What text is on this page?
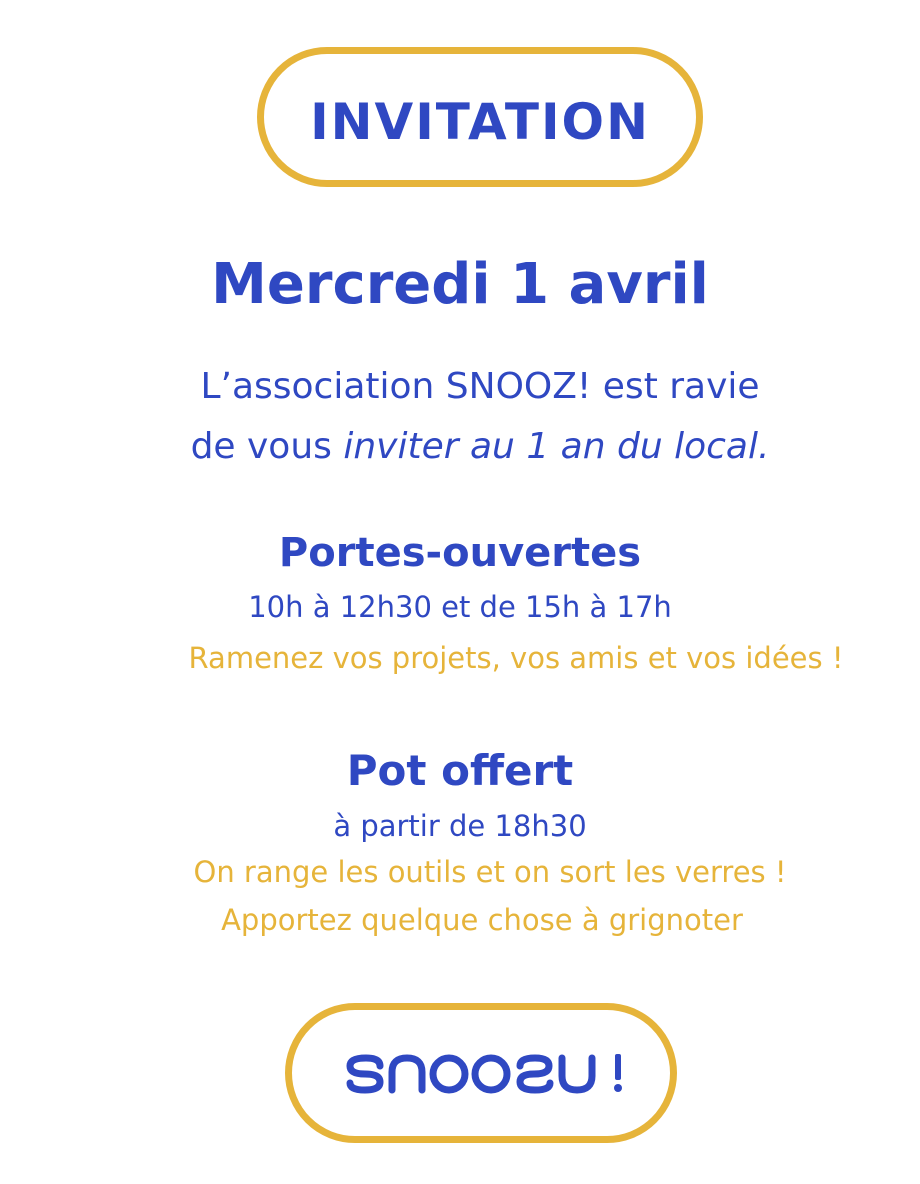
INVITATION
Mercredi 1 avril
L’association SNOOZ! est ravie
de vous inviter au 1 an du local.
Portes-ouvertes
10h à 12h30 et de 15h à 17h
Ramenez vos projets, vos amis et vos idées !
Pot offert
à partir de 18h30
On range les outils et on sort les verres !
Apportez quelque chose à grignoter
